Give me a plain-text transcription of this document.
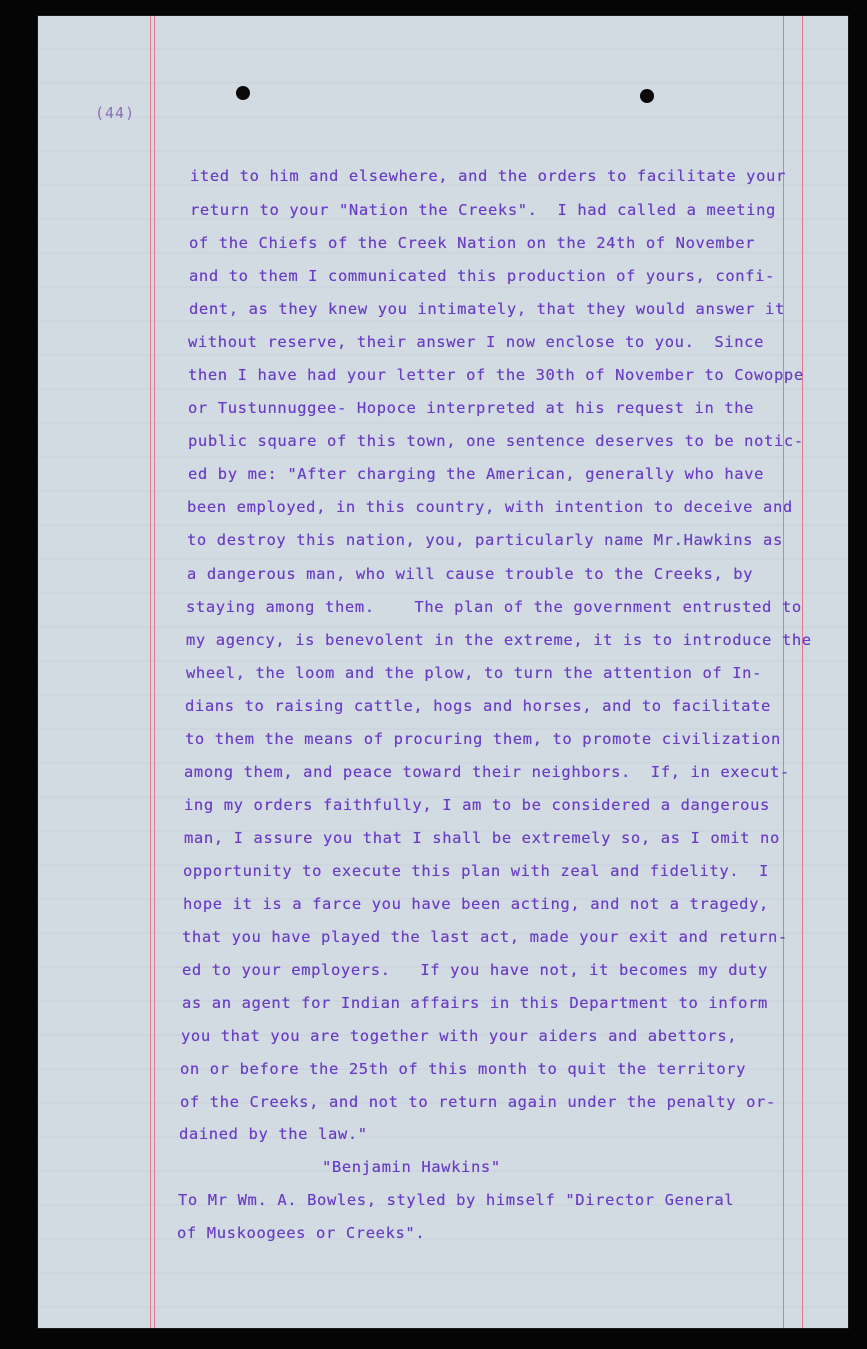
(44)
ited to him and elsewhere, and the orders to facilitate your
return to your "Nation the Creeks".  I had called a meeting
of the Chiefs of the Creek Nation on the 24th of November
and to them I communicated this production of yours, confi-
dent, as they knew you intimately, that they would answer it
without reserve, their answer I now enclose to you.  Since
then I have had your letter of the 30th of November to Cowoppe
or Tustunnuggee- Hopoce interpreted at his request in the
public square of this town, one sentence deserves to be notic-
ed by me: "After charging the American, generally who have
been employed, in this country, with intention to deceive and
to destroy this nation, you, particularly name Mr.Hawkins as
a dangerous man, who will cause trouble to the Creeks, by
staying among them.    The plan of the government entrusted to
my agency, is benevolent in the extreme, it is to introduce the
wheel, the loom and the plow, to turn the attention of In-
dians to raising cattle, hogs and horses, and to facilitate
to them the means of procuring them, to promote civilization
among them, and peace toward their neighbors.  If, in execut-
ing my orders faithfully, I am to be considered a dangerous
man, I assure you that I shall be extremely so, as I omit no
opportunity to execute this plan with zeal and fidelity.  I
hope it is a farce you have been acting, and not a tragedy,
that you have played the last act, made your exit and return-
ed to your employers.   If you have not, it becomes my duty
as an agent for Indian affairs in this Department to inform
you that you are together with your aiders and abettors,
on or before the 25th of this month to quit the territory
of the Creeks, and not to return again under the penalty or-
dained by the law."
"Benjamin Hawkins"
To Mr Wm. A. Bowles, styled by himself "Director General
of Muskoogees or Creeks".
